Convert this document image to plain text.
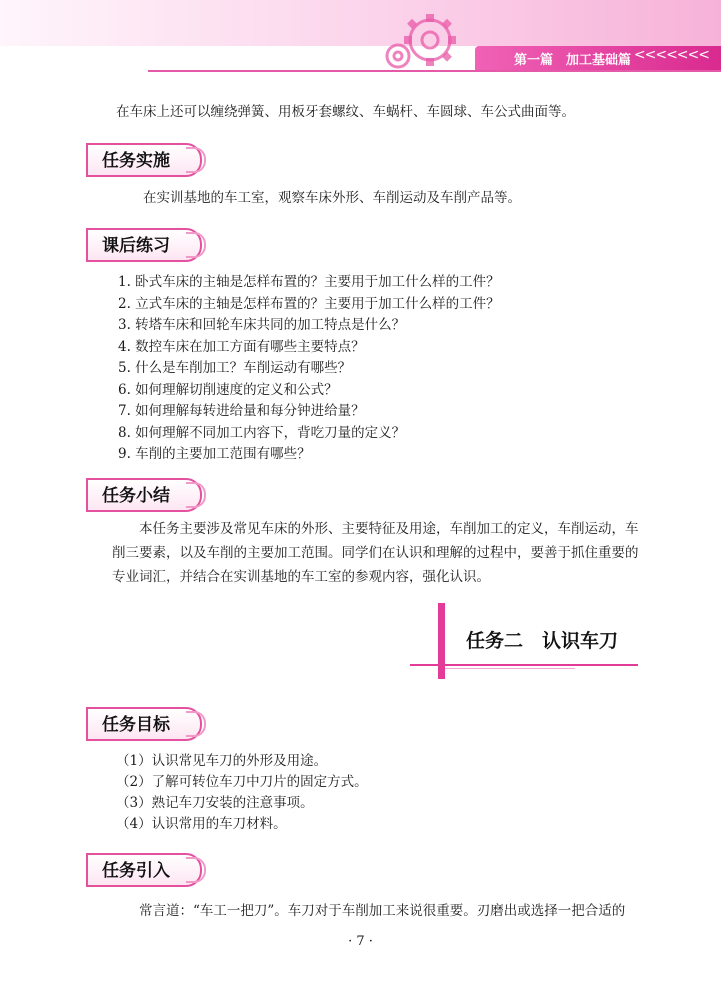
第一篇　 加工基础篇 <<<<<<<

在车床上还可以缠绕弹簧、用板牙套螺纹、车蜗杆、车圆球、车公式曲面等。

任务实施

在实训基地的车工室，观察车床外形、车削运动及车削产品等。

课后练习
1. 卧式车床的主轴是怎样布置的？主要用于加工什么样的工件？
2. 立式车床的主轴是怎样布置的？主要用于加工什么样的工件？
3. 转塔车床和回轮车床共同的加工特点是什么？
4. 数控车床在加工方面有哪些主要特点？
5. 什么是车削加工？车削运动有哪些？
6. 如何理解切削速度的定义和公式？
7. 如何理解每转进给量和每分钟进给量？
8. 如何理解不同加工内容下，背吃刀量的定义？
9. 车削的主要加工范围有哪些？
任务小结

本任务主要涉及常见车床的外形、主要特征及用途，车削加工的定义，车削运动，车削三要素，以及车削的主要加工范围。同学们在认识和理解的过程中，要善于抓住重要的专业词汇，并结合在实训基地的车工室的参观内容，强化认识。

任务二　认识车刀
任务目标
（1）认识常见车刀的外形及用途。
（2）了解可转位车刀中刀片的固定方式。
（3）熟记车刀安装的注意事项。
（4）认识常用的车刀材料。
任务引入

常言道：“车工一把刀”。车刀对于车削加工来说很重要。刃磨出或选择一把合适的

· 7 ·
